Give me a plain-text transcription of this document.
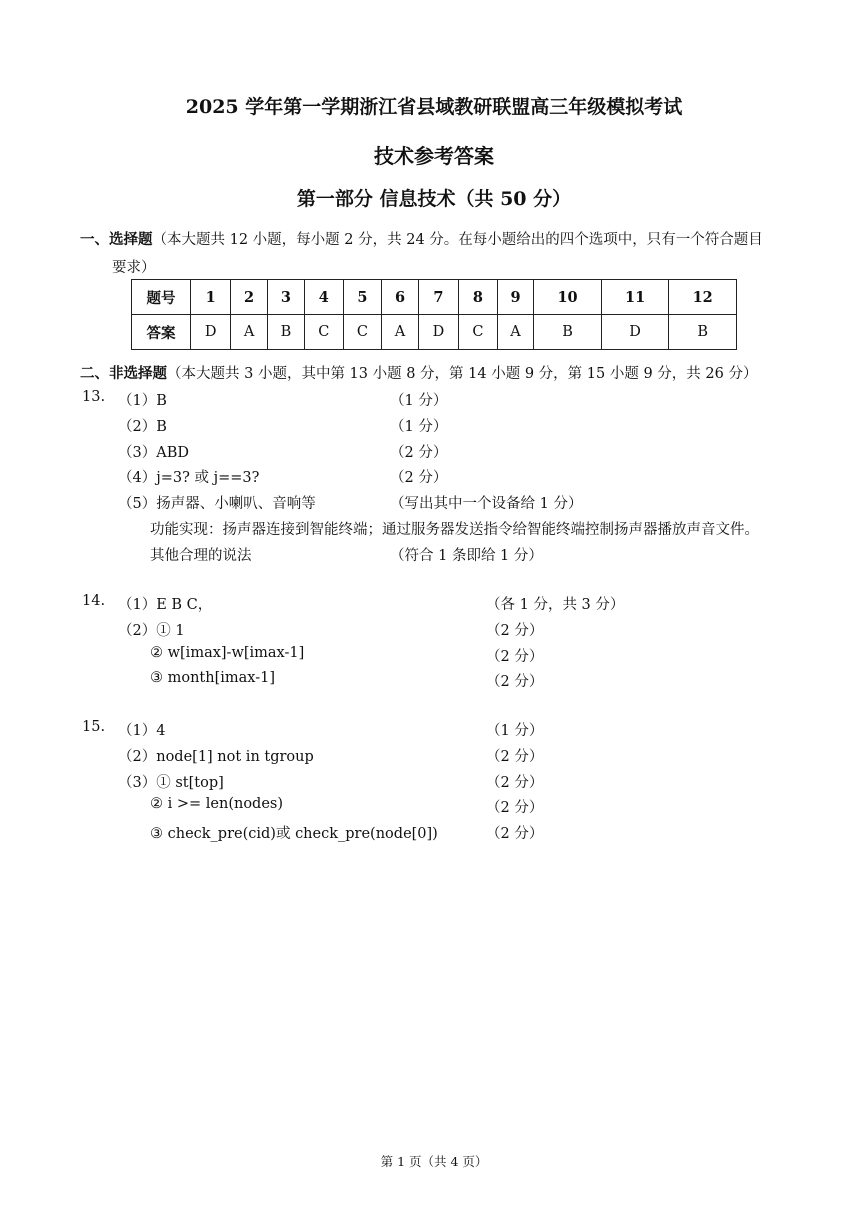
2025 学年第一学期浙江省县域教研联盟高三年级模拟考试
技术参考答案
第一部分 信息技术（共 50 分）
一、选择题（本大题共 12 小题，每小题 2 分，共 24 分。在每小题给出的四个选项中，只有一个符合题目
要求）
题号	1	2	3	4	5	6	7	8	9	10	11	12
答案	D	A	B	C	C	A	D	C	A	B	D	B
二、非选择题（本大题共 3 小题，其中第 13 小题 8 分，第 14 小题 9 分，第 15 小题 9 分，共 26 分）
13. （1）B	（1 分）
（2）B	（1 分）
（3）ABD	（2 分）
（4）j=3? 或 j==3?	（2 分）
（5）扬声器、小喇叭、音响等	（写出其中一个设备给 1 分）
功能实现：扬声器连接到智能终端；通过服务器发送指令给智能终端控制扬声器播放声音文件。
其他合理的说法	（符合 1 条即给 1 分）
14. （1）E B C，	（各 1 分，共 3 分）
（2）① 1	（2 分）
② w[imax]-w[imax-1]	（2 分）
③ month[imax-1]	（2 分）
15. （1）4	（1 分）
（2）node[1] not in tgroup	（2 分）
（3）① st[top]	（2 分）
② i >= len(nodes)	（2 分）
③ check_pre(cid)或 check_pre(node[0])	（2 分）
第 1 页（共 4 页）
